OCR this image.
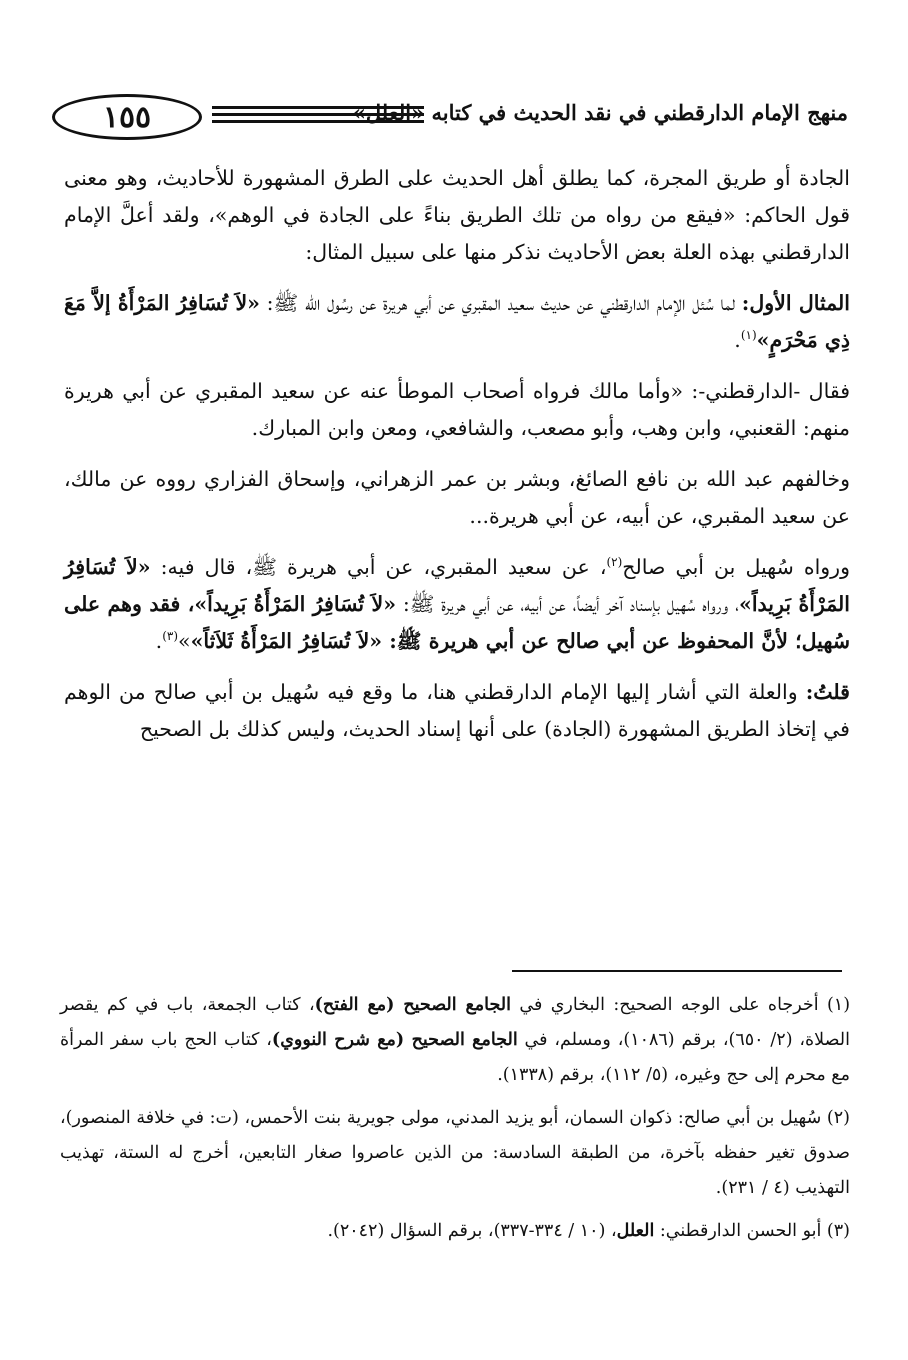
١٥٥	منهج الإمام الدارقطني في نقد الحديث في كتابه «العلل»

الجادة أو طريق المجرة، كما يطلق أهل الحديث على الطرق المشهورة للأحاديث، وهو معنى قول الحاكم: «فيقع من رواه من تلك الطريق بناءً على الجادة في الوهم»، ولقد أعلَّ الإمام الدارقطني بهذه العلة بعض الأحاديث نذكر منها على سبيل المثال:

المثال الأول: لما سُئل الإمام الدارقطني عن حديث سعيد المقبري عن أبي هريرة عن رسُول الله ﷺ: «لاَ تُسَافِرُ المَرْأَةُ إلاَّ مَعَ ذِي مَحْرَمٍ»$^{(١)}$.

فقال -الدارقطني-: «وأما مالك فرواه أصحاب الموطأ عنه عن سعيد المقبري عن أبي هريرة منهم: القعنبي، وابن وهب، وأبو مصعب، والشافعي، ومعن وابن المبارك.

وخالفهم عبد الله بن نافع الصائغ، وبشر بن عمر الزهراني، وإسحاق الفزاري رووه عن مالك، عن سعيد المقبري، عن أبيه، عن أبي هريرة...

ورواه سُهيل بن أبي صالح$^{(٢)}$، عن سعيد المقبري، عن أبي هريرة ﷺ، قال فيه: «لاَ تُسَافِرُ المَرْأَةُ بَرِيداً»، ورواه سُهيل بإسناد آخر أيضاً، عن أبيه، عن أبي هريرة ﷺ: «لاَ تُسَافِرُ المَرْأَةُ بَرِيداً»، فقد وهم على سُهيل؛ لأنَّ المحفوظ عن أبي صالح عن أبي هريرة ﷺ: «لاَ تُسَافِرُ المَرْأَةُ ثَلاَثاً»»$^{(٣)}$.

قلتُ: والعلة التي أشار إليها الإمام الدارقطني هنا، ما وقع فيه سُهيل بن أبي صالح من الوهم في إتخاذ الطريق المشهورة (الجادة) على أنها إسناد الحديث، وليس كذلك بل الصحيح

(١) أخرجاه على الوجه الصحيح: البخاري في الجامع الصحيح (مع الفتح)، كتاب الجمعة، باب في كم يقصر الصلاة، (٢/ ٦٥٠)، برقم (١٠٨٦)، ومسلم، في الجامع الصحيح (مع شرح النووي)، كتاب الحج باب سفر المرأة مع محرم إلى حج وغيره، (٥/ ١١٢)، برقم (١٣٣٨).

(٢) سُهيل بن أبي صالح: ذكوان السمان، أبو يزيد المدني، مولى جويرية بنت الأحمس، (ت: في خلافة المنصور)، صدوق تغير حفظه بآخرة، من الطبقة السادسة: من الذين عاصروا صغار التابعين، أخرج له الستة، تهذيب التهذيب (٤ / ٢٣١).

(٣) أبو الحسن الدارقطني: العلل، (١٠ / ٣٣٤-٣٣٧)، برقم السؤال (٢٠٤٢).
